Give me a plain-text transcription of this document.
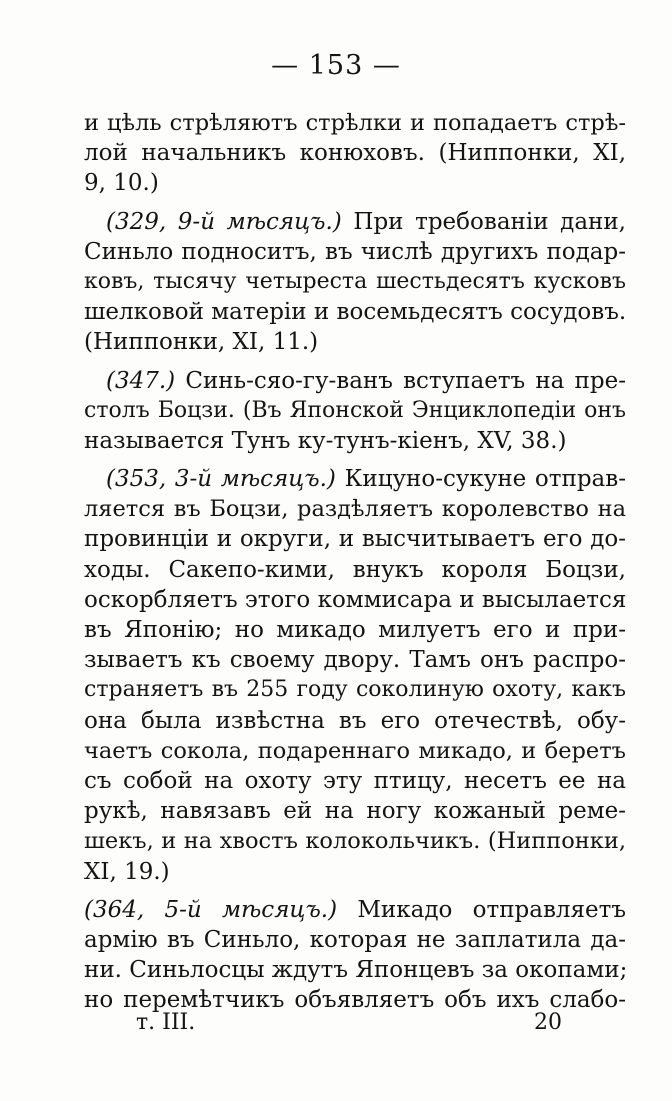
— 153 —
и цѣль стрѣляютъ стрѣлки и попадаетъ стрѣ-
лой начальникъ конюховъ. (Ниппонки, XI,
9, 10.)
(329, 9-й мѣсяцъ.) При требованіи дани,
Синьло подноситъ, въ числѣ другихъ подар-
ковъ, тысячу четыреста шестьдесятъ кусковъ
шелковой матеріи и восемьдесятъ сосудовъ.
(Ниппонки, XI, 11.)
(347.) Синь-сяо-гу-ванъ вступаетъ на пре-
столъ Боцзи. (Въ Японской Энциклопедіи онъ
называется Тунъ ку-тунъ-кіенъ, XV, 38.)
(353, 3-й мѣсяцъ.) Кицуно-сукуне отправ-
ляется въ Боцзи, раздѣляетъ королевство на
провинціи и округи, и высчитываетъ его до-
ходы. Сакепо-кими, внукъ короля Боцзи,
оскорбляетъ этого коммисара и высылается
въ Японію; но микадо милуетъ его и при-
зываетъ къ своему двору. Тамъ онъ распро-
страняетъ въ 255 году соколиную охоту, какъ
она была извѣстна въ его отечествѣ, обу-
чаетъ сокола, подареннаго микадо, и беретъ
съ собой на охоту эту птицу, несетъ ее на
рукѣ, навязавъ ей на ногу кожаный реме-
шекъ, и на хвостъ колокольчикъ. (Ниппонки,
XI, 19.)
(364, 5-й мѣсяцъ.) Микадо отправляетъ
армію въ Синьло, которая не заплатила да-
ни. Синьлосцы ждутъ Японцевъ за окопами;
но перемѣтчикъ объявляетъ объ ихъ слабо-
т. III.	20
